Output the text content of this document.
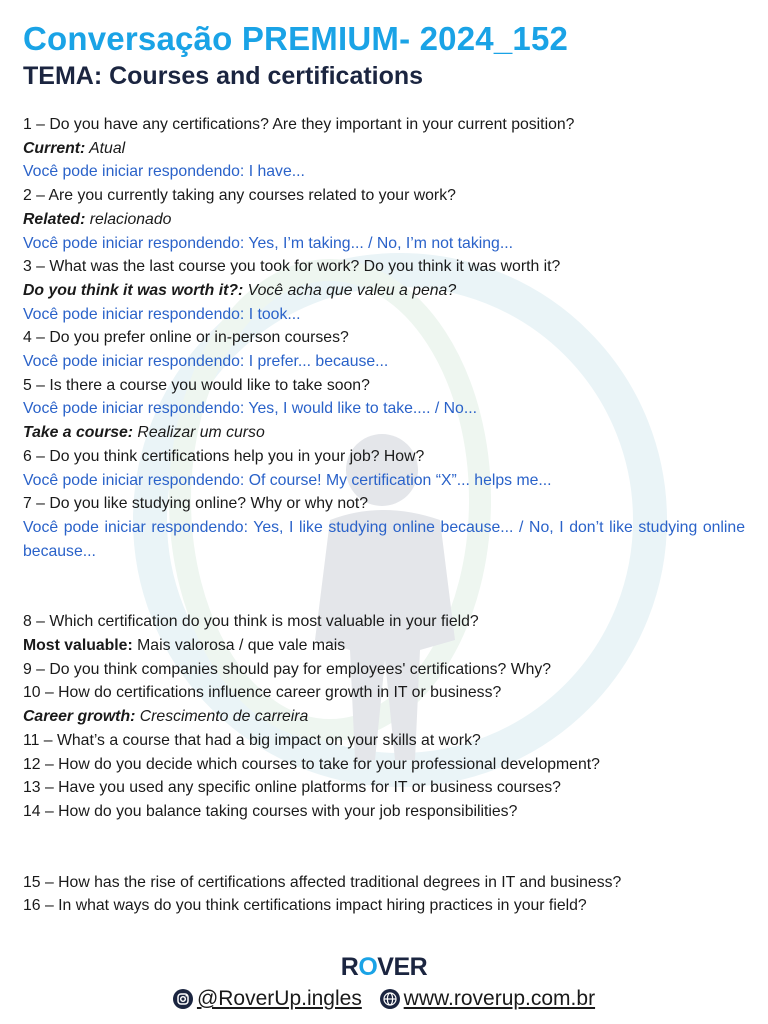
Conversação PREMIUM- 2024_152
TEMA: Courses and certifications
1 – Do you have any certifications? Are they important in your current position?
Current: Atual
Você pode iniciar respondendo: I have...
2 – Are you currently taking any courses related to your work?
Related: relacionado
Você pode iniciar respondendo: Yes, I’m taking... / No, I’m not taking...
3 – What was the last course you took for work? Do you think it was worth it?
Do you think it was worth it?: Você acha que valeu a pena?
Você pode iniciar respondendo: I took...
4 – Do you prefer online or in-person courses?
Você pode iniciar respondendo: I prefer... because...
5 – Is there a course you would like to take soon?
Você pode iniciar respondendo: Yes, I would like to take.... / No...
Take a course: Realizar um curso
6 – Do you think certifications help you in your job? How?
Você pode iniciar respondendo: Of course! My certification “X”... helps me...
7 – Do you like studying online? Why or why not?
Você pode iniciar respondendo: Yes, I like studying online because... / No, I don’t like studying online because...
8 – Which certification do you think is most valuable in your field?
Most valuable: Mais valorosa / que vale mais
9 – Do you think companies should pay for employees' certifications? Why?
10 – How do certifications influence career growth in IT or business?
Career growth: Crescimento de carreira
11 – What’s a course that had a big impact on your skills at work?
12 – How do you decide which courses to take for your professional development?
13 – Have you used any specific online platforms for IT or business courses?
14 – How do you balance taking courses with your job responsibilities?
15 – How has the rise of certifications affected traditional degrees in IT and business?
16 – In what ways do you think certifications impact hiring practices in your field?
ROVER
@RoverUp.ingles
www.roverup.com.br
